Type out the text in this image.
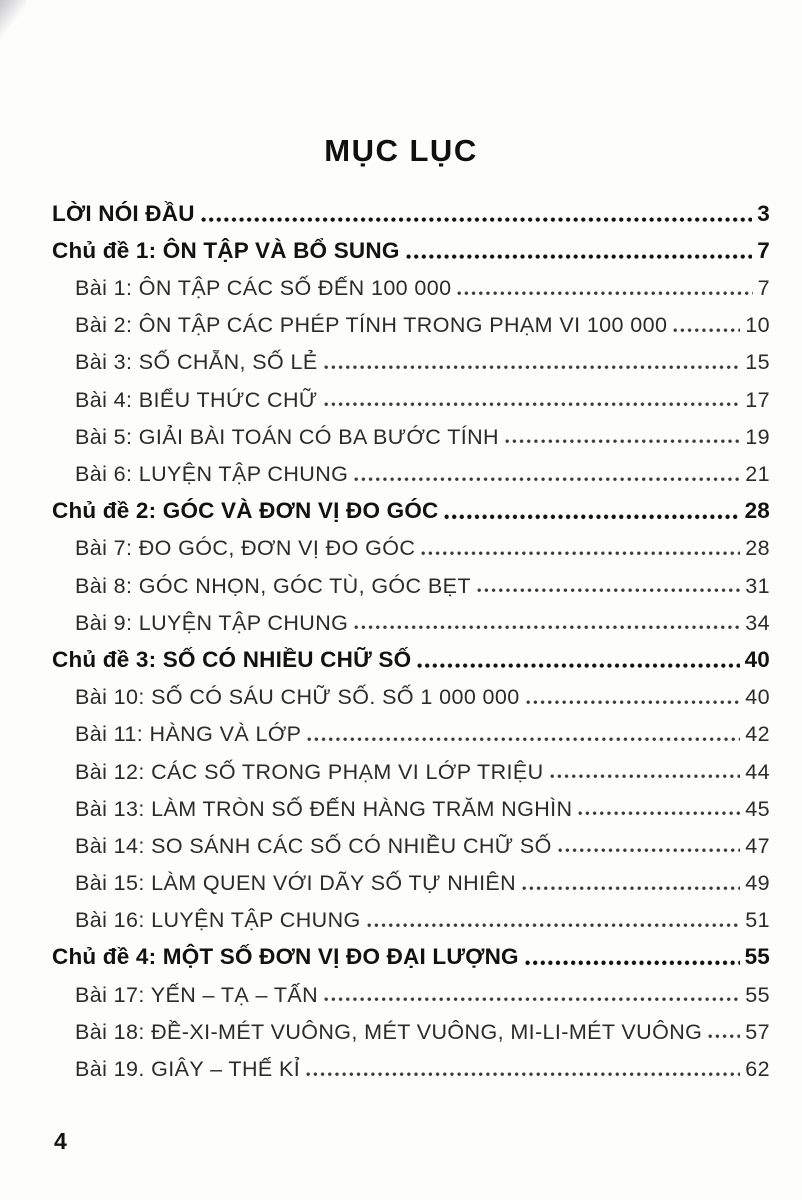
MỤC LỤC
LỜI NÓI ĐẦU	3
Chủ đề 1: ÔN TẬP VÀ BỔ SUNG	7
Bài 1: ÔN TẬP CÁC SỐ ĐẾN 100 000	7
Bài 2: ÔN TẬP CÁC PHÉP TÍNH TRONG PHẠM VI 100 000	10
Bài 3: SỐ CHẴN, SỐ LẺ	15
Bài 4: BIỂU THỨC CHỮ	17
Bài 5: GIẢI BÀI TOÁN CÓ BA BƯỚC TÍNH	19
Bài 6: LUYỆN TẬP CHUNG	21
Chủ đề 2: GÓC VÀ ĐƠN VỊ ĐO GÓC	28
Bài 7: ĐO GÓC, ĐƠN VỊ ĐO GÓC	28
Bài 8: GÓC NHỌN, GÓC TÙ, GÓC BẸT	31
Bài 9: LUYỆN TẬP CHUNG	34
Chủ đề 3: SỐ CÓ NHIỀU CHỮ SỐ	40
Bài 10: SỐ CÓ SÁU CHỮ SỐ. SỐ 1 000 000	40
Bài 11: HÀNG VÀ LỚP	42
Bài 12: CÁC SỐ TRONG PHẠM VI LỚP TRIỆU	44
Bài 13: LÀM TRÒN SỐ ĐẾN HÀNG TRĂM NGHÌN	45
Bài 14: SO SÁNH CÁC SỐ CÓ NHIỀU CHỮ SỐ	47
Bài 15: LÀM QUEN VỚI DÃY SỐ TỰ NHIÊN	49
Bài 16: LUYỆN TẬP CHUNG	51
Chủ đề 4: MỘT SỐ ĐƠN VỊ ĐO ĐẠI LƯỢNG	55
Bài 17: YẾN – TẠ – TẤN	55
Bài 18: ĐỀ-XI-MÉT VUÔNG, MÉT VUÔNG, MI-LI-MÉT VUÔNG 57
Bài 19. GIÂY – THẾ KỈ	62
4
